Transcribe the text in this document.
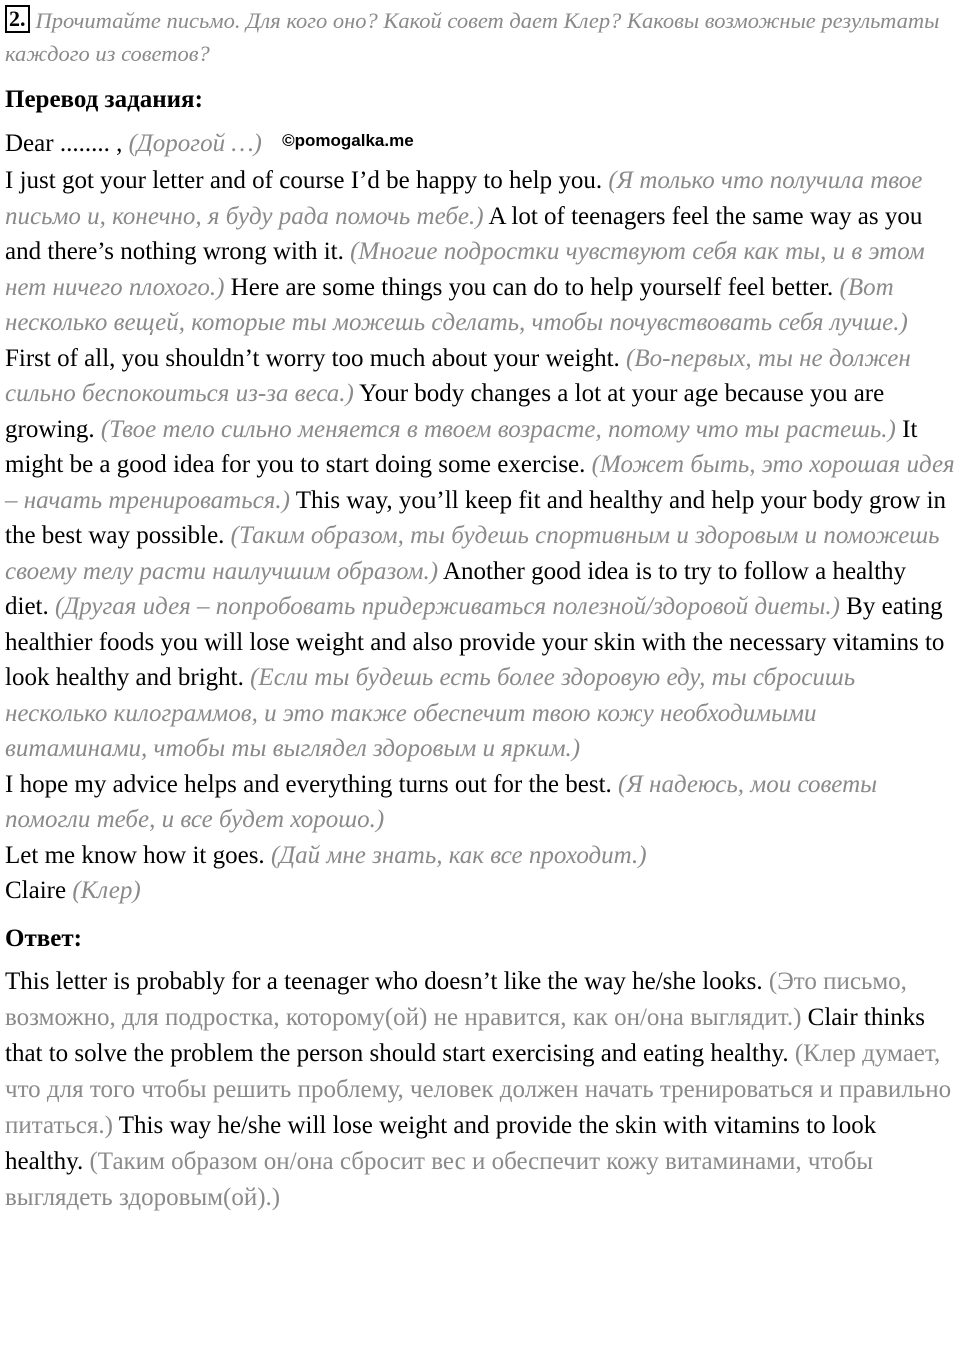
2. Прочитайте письмо. Для кого оно? Какой совет дает Клер? Каковы возможные результаты каждого из советов?
Перевод задания:

Dear ........ , (Дорогой …) $^{©pomogalka.me}$

I just got your letter and of course I’d be happy to help you. (Я только что получила твое письмо и, конечно, я буду рада помочь тебе.) A lot of teenagers feel the same way as you and there’s nothing wrong with it. (Многие подростки чувствуют себя как ты, и в этом нет ничего плохого.) Here are some things you can do to help yourself feel better. (Вот несколько вещей, которые ты можешь сделать, чтобы почувствовать себя лучше.)

First of all, you shouldn’t worry too much about your weight. (Во-первых, ты не должен сильно беспокоиться из-за веса.) Your body changes a lot at your age because you are growing. (Твое тело сильно меняется в твоем возрасте, потому что ты растешь.) It might be a good idea for you to start doing some exercise. (Может быть, это хорошая идея – начать тренироваться.) This way, you’ll keep fit and healthy and help your body grow in the best way possible. (Таким образом, ты будешь спортивным и здоровым и поможешь своему телу расти наилучшим образом.) Another good idea is to try to follow a healthy diet. (Другая идея – попробовать придерживаться полезной/здоровой диеты.) By eating healthier foods you will lose weight and also provide your skin with the necessary vitamins to look healthy and bright. (Если ты будешь есть более здоровую еду, ты сбросишь несколько килограммов, и это также обеспечит твою кожу необходимыми витаминами, чтобы ты выглядел здоровым и ярким.)

I hope my advice helps and everything turns out for the best. (Я надеюсь, мои советы помогли тебе, и все будет хорошо.)

Let me know how it goes. (Дай мне знать, как все проходит.)

Claire (Клер)

Ответ:

This letter is probably for a teenager who doesn’t like the way he/she looks. (Это письмо, возможно, для подростка, которому(ой) не нравится, как он/она выглядит.) Clair thinks that to solve the problem the person should start exercising and eating healthy. (Клер думает, что для того чтобы решить проблему, человек должен начать тренироваться и правильно питаться.) This way he/she will lose weight and provide the skin with vitamins to look healthy. (Таким образом он/она сбросит вес и обеспечит кожу витаминами, чтобы выглядеть здоровым(ой).)
